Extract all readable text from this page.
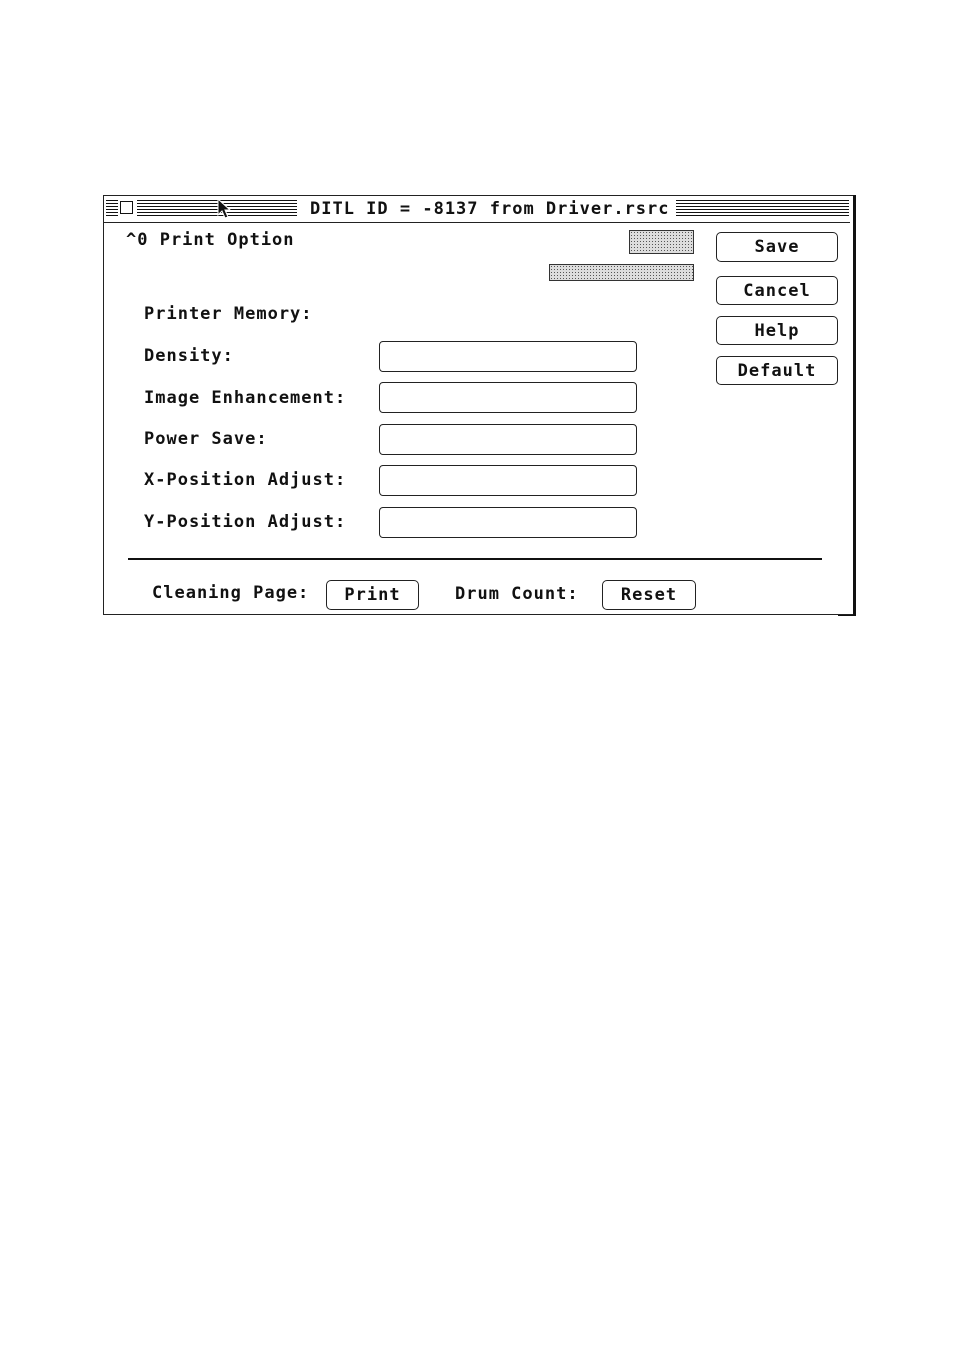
DITL ID = -8137 from Driver.rsrc
^0 Print Option	Save
Cancel
Help
Default
Printer Memory:
Density:
Image Enhancement:
Power Save:
X-Position Adjust:
Y-Position Adjust:
Cleaning Page:	Print	Drum Count:	Reset
